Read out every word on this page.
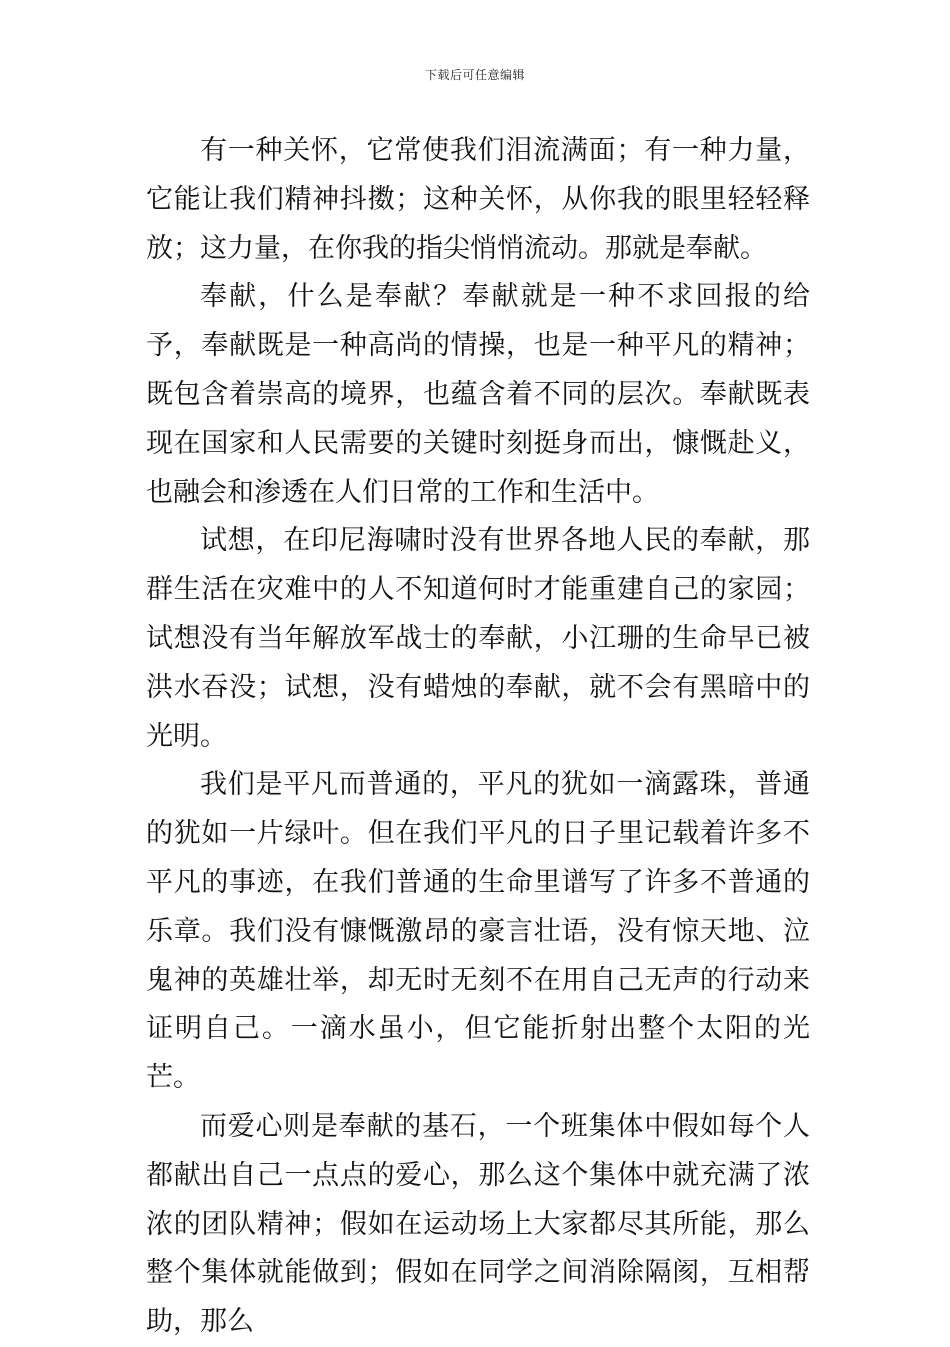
下载后可任意编辑

有一种关怀，它常使我们泪流满面；有一种力量，它能让我们精神抖擞；这种关怀，从你我的眼里轻轻释放；这力量，在你我的指尖悄悄流动。那就是奉献。

奉献，什么是奉献？奉献就是一种不求回报的给予，奉献既是一种高尚的情操，也是一种平凡的精神；既包含着崇高的境界，也蕴含着不同的层次。奉献既表现在国家和人民需要的关键时刻挺身而出，慷慨赴义，也融会和渗透在人们日常的工作和生活中。

试想，在印尼海啸时没有世界各地人民的奉献，那群生活在灾难中的人不知道何时才能重建自己的家园；试想没有当年解放军战士的奉献，小江珊的生命早已被洪水吞没；试想，没有蜡烛的奉献，就不会有黑暗中的光明。

我们是平凡而普通的，平凡的犹如一滴露珠，普通的犹如一片绿叶。但在我们平凡的日子里记载着许多不平凡的事迹，在我们普通的生命里谱写了许多不普通的乐章。我们没有慷慨激昂的豪言壮语，没有惊天地、泣鬼神的英雄壮举，却无时无刻不在用自己无声的行动来证明自己。一滴水虽小，但它能折射出整个太阳的光芒。

而爱心则是奉献的基石，一个班集体中假如每个人都献出自己一点点的爱心，那么这个集体中就充满了浓浓的团队精神；假如在运动场上大家都尽其所能，那么整个集体就能做到；假如在同学之间消除隔阂，互相帮助，那么
